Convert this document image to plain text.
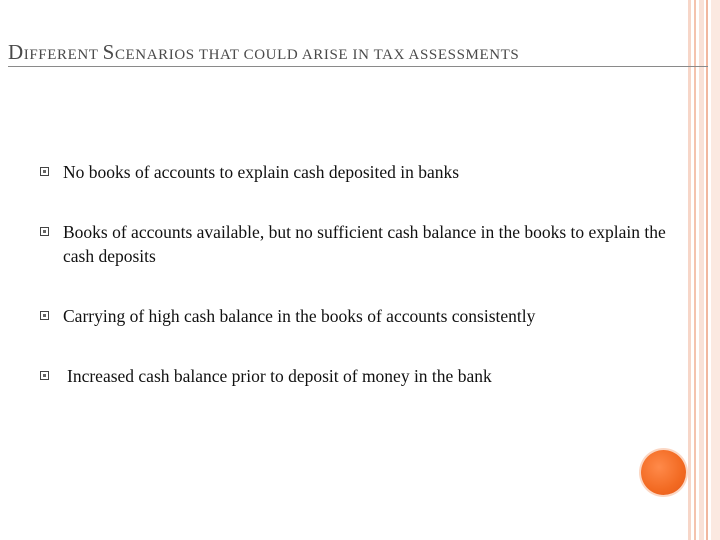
DIFFERENT SCENARIOS THAT COULD ARISE IN TAX ASSESSMENTS
No books of accounts to explain cash deposited in banks
Books of accounts available, but no sufficient cash balance in the books to explain the cash deposits
Carrying of high cash balance in the books of accounts consistently
Increased cash balance prior to deposit of money in the bank
